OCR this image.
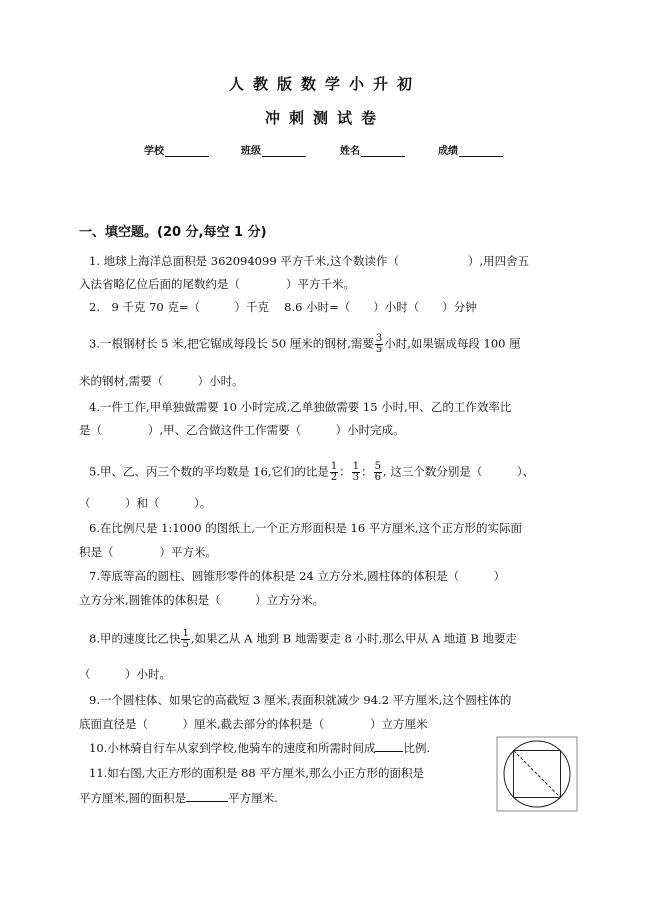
人教版数学小升初
冲刺测试卷
学校	班级	姓名	成绩
一、填空题。(20 分,每空 1 分)
1. 地球上海洋总面积是 362094099 平方千米,这个数读作（　　　　　　）,用四舍五
入法省略亿位后面的尾数约是（　　　　）平方千米。
2.　9 千克 70 克=（　　　）千克　 8.6 小时=（　　）小时（　　）分钟
3.一根钢材长 5 米,把它锯成每段长 50 厘米的钢材,需要 $\frac{3}{5}$ 小时,如果锯成每段 100 厘
米的钢材,需要（　　　）小时。
4.一件工作,甲单独做需要 10 小时完成,乙单独做需要 15 小时,甲、乙的工作效率比
是（　　　　）,甲、乙合做这件工作需要（　　　）小时完成。
5.甲、乙、丙三个数的平均数是 16,它们的比是 $\frac{1}{2}$ ： $\frac{1}{3}$ ： $\frac{5}{6}$ , 这三个数分别是（　　　）、
（　　　）和（　　　）。
6.在比例尺是 1:1000 的图纸上,一个正方形面积是 16 平方厘米,这个正方形的实际面
积是（　　　　）平方米。
7.等底等高的圆柱、圆锥形零件的体积是 24 立方分米,圆柱体的体积是（　　　）
立方分米,圆锥体的体积是（　　　）立方分米。
8.甲的速度比乙快 $\frac{1}{5}$ ,如果乙从 A 地到 B 地需要走 8 小时,那么甲从 A 地道 B 地要走
（　　　）小时。
9.一个圆柱体、如果它的高截短 3 厘米,表面积就减少 94.2 平方厘米,这个圆柱体的
底面直径是（　　　）厘米,截去部分的体积是（　　　　）立方厘米
10.小林骑自行车从家到学校,他骑车的速度和所需时间成 比例.
11.如右图,大正方形的面积是 88 平方厘米,那么小正方形的面积是
平方厘米,圆的面积是	平方厘米.
